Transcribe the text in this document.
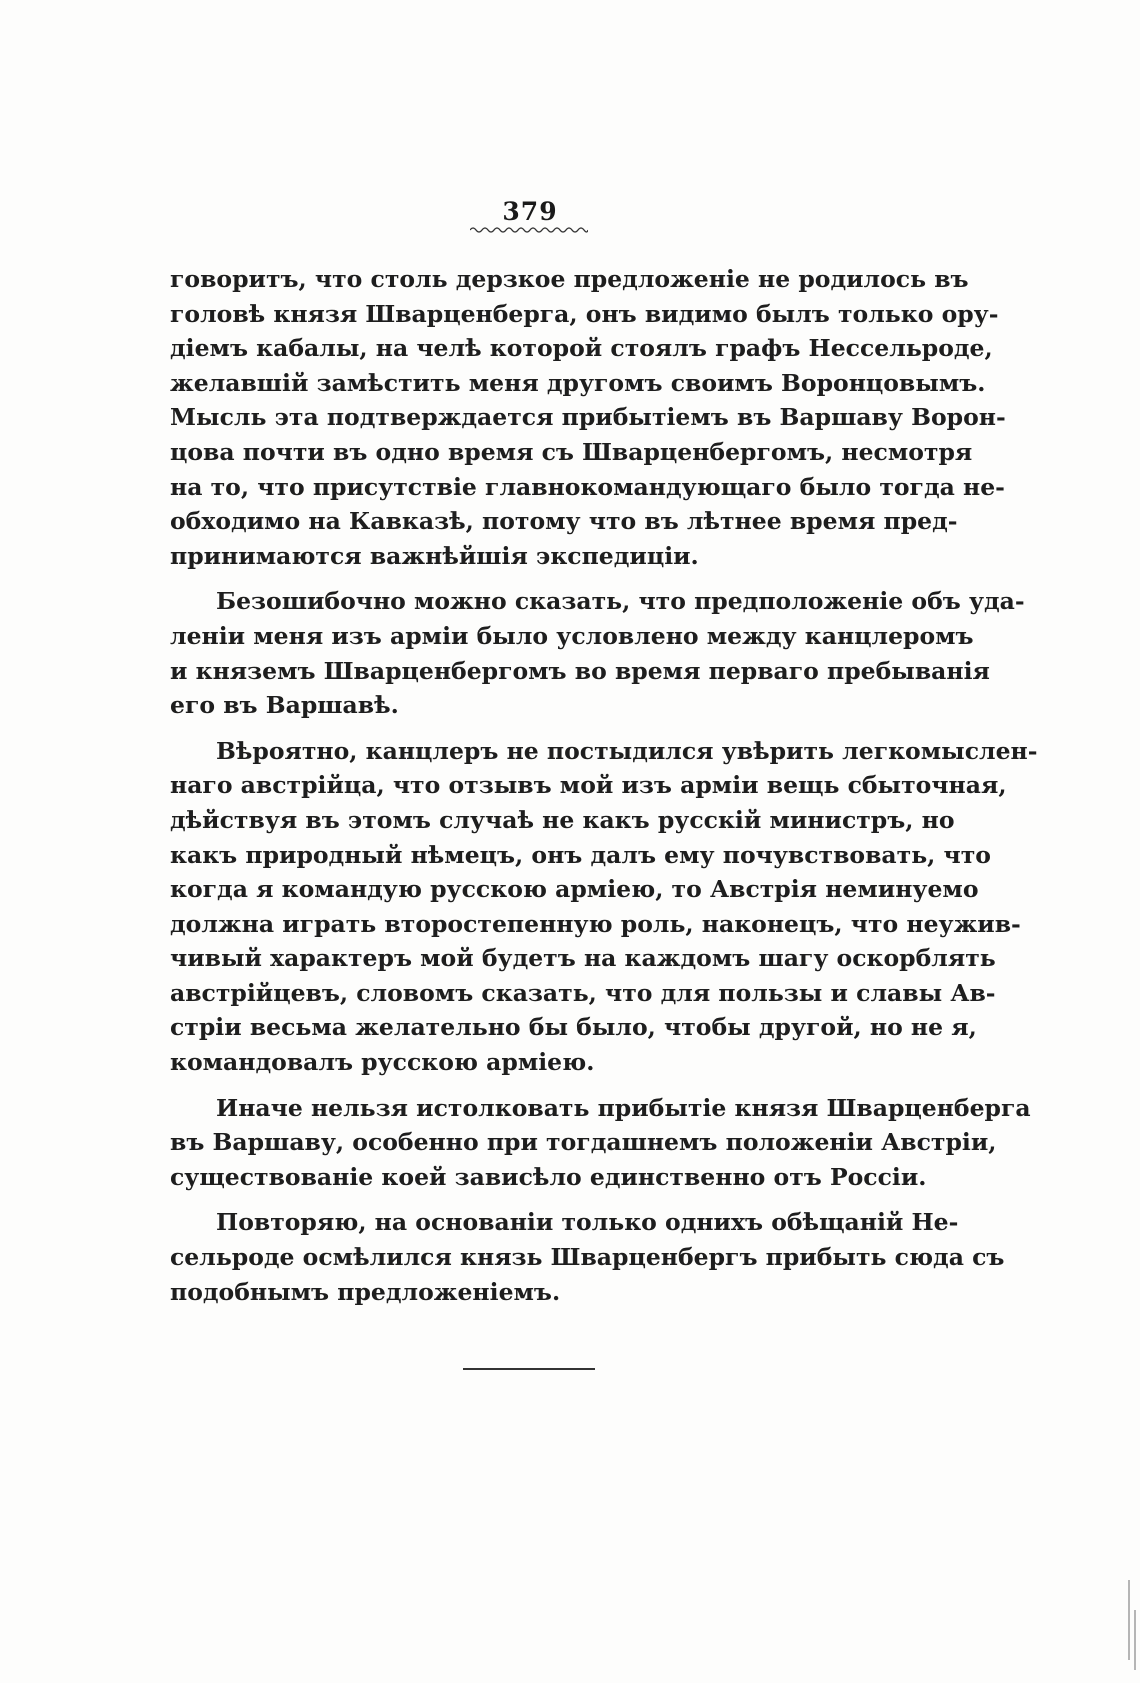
379
говоритъ, что столь дерзкое предложенiе не родилось въ
головѣ князя Шварценберга, онъ видимо былъ только ору-
дiемъ кабалы, на челѣ которой стоялъ графъ Нессельроде,
желавшiй замѣстить меня другомъ своимъ Воронцовымъ.
Мысль эта подтверждается прибытiемъ въ Варшаву Ворон-
цова почти въ одно время съ Шварценбергомъ, несмотря
на то, что присутствiе главнокомандующаго было тогда не-
обходимо на Кавказѣ, потому что въ лѣтнее время пред-
принимаются важнѣйшiя экспедицiи.
Безошибочно можно сказать, что предположенiе объ уда-
ленiи меня изъ армiи было условлено между канцлеромъ
и княземъ Шварценбергомъ во время перваго пребыванiя
его въ Варшавѣ.
Вѣроятно, канцлеръ не постыдился увѣрить легкомыслен-
наго австрiйца, что отзывъ мой изъ армiи вещь сбыточная,
дѣйствуя въ этомъ случаѣ не какъ русскiй министръ, но
какъ природный нѣмецъ, онъ далъ ему почувствовать, что
когда я командую русскою армiею, то Австрiя неминуемо
должна играть второстепенную роль, наконецъ, что неужив-
чивый характеръ мой будетъ на каждомъ шагу оскорблять
австрiйцевъ, словомъ сказать, что для пользы и славы Ав-
стрiи весьма желательно бы было, чтобы другой, но не я,
командовалъ русскою армiею.
Иначе нельзя истолковать прибытiе князя Шварценберга
въ Варшаву, особенно при тогдашнемъ положенiи Австрiи,
существованiе коей зависѣло единственно отъ Россiи.
Повторяю, на основанiи только однихъ обѣщанiй Не-
сельроде осмѣлился князь Шварценбергъ прибыть сюда съ
подобнымъ предложенiемъ.
